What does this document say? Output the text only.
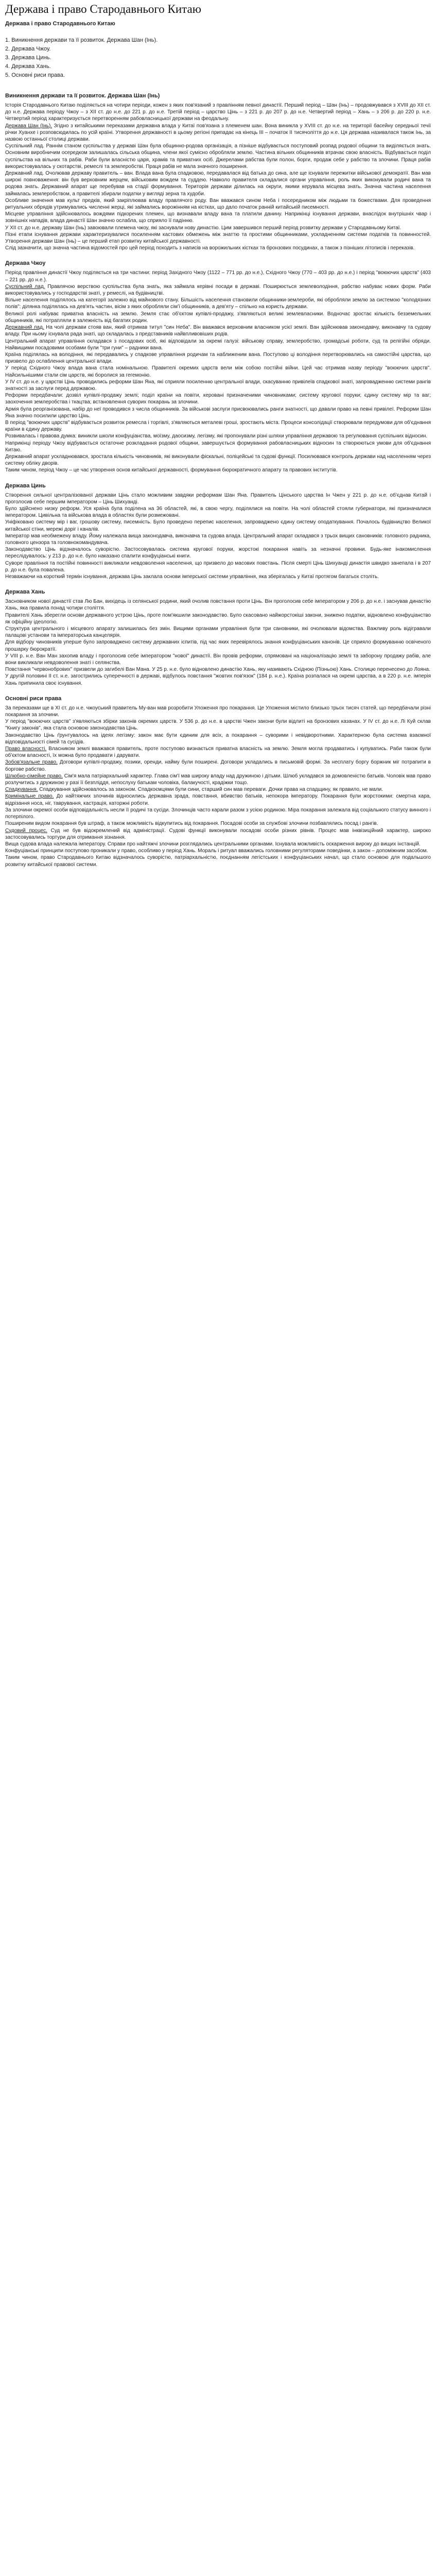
Держава і право Стародавнього Китаю
Держава і право Стародавнього Китаю
1. Виникнення держави та її розвиток. Держава Шан (Інь).
2. Держава Чжоу.
3. Держава Цинь.
4. Держава Хань.
5. Основні риси права.
Виникнення держави та її розвиток. Держава Шан (Інь)

Історія Стародавнього Китаю поділяється на чотири періоди, кожен з яких пов'язаний з правлінням певної династії. Перший період – Шан (Інь) – продовжувався з XVIII до XII ст. до н.е. Держава періоду Чжоу – з XII ст. до н.е. до 221 р. до н.е. Третій період – царство Цінь – з 221 р. до 207 р. до н.е. Четвертий період – Хань – з 206 р. до 220 р. н.е. Четвертий період характеризується перетворенням рабовласницької держави на феодальну.

Держава Шан (Інь). Згідно з китайськими переказами державна влада у Китаї пов'язана з племенем шан. Вона виникла у XVIII ст. до н.е. на території басейну середньої течії річки Хуанхе і розповсюдилась по усій країні. Утворення державності в цьому регіоні припадає на кінець III – початок II тисячоліття до н.е. Ця держава називалася також Інь, за назвою останньої столиці держави.

Суспільний лад. Раннім станом суспільства у державі Шан була общинно-родова організація, а пізніше відбувається поступовий розпад родової общини та виділяється знать. Основним виробничим осередком залишалась сільська община, члени якої сумісно обробляли землю. Частина вільних общинників втрачає свою власність. Відбувається поділ суспільства на вільних та рабів. Раби були власністю царя, храмів та приватних осіб. Джерелами рабства були полон, борги, продаж себе у рабство та злочини. Праця рабів використовувалась у скотарстві, ремеслі та землеробстві. Праця рабів не мала значного поширення.

Державний лад. Очолював державу правитель – ван. Влада вана була спадковою, передавалася від батька до сина, але ще існували пережитки військової демократії. Ван мав широкі повноваження: він був верховним жерцем, військовим вождем та суддею. Навколо правителя складалися органи управління, роль яких виконували родичі вана та родова знать. Державний апарат ще перебував на стадії формування. Територія держави ділилась на округи, якими керувала місцева знать. Значна частина населення займалась землеробством, а правителі збирали податки у вигляді зерна та худоби.

Особливе значення мав культ предків, який закріплював владу правлячого роду. Ван вважався сином Неба і посередником між людьми та божествами. Для проведення ритуальних обрядів утримувались численні жерці, які займались ворожінням на кістках, що дало початок ранній китайській писемності.

Місцеве управління здійснювалось вождями підкорених племен, що визнавали владу вана та платили данину. Наприкінці існування держави, внаслідок внутрішніх чвар і зовнішніх нападів, влада династії Шан значно ослабла, що сприяло її падінню.

У XII ст. до н.е. державу Шан (Інь) завоювали племена чжоу, які заснували нову династію. Цим завершився перший період розвитку держави у Стародавньому Китаї.

Пізні етапи існування держави характеризувалися посиленням кастових обмежень між знаттю та простими общинниками, ускладненням системи податків та повинностей. Утворення держави Шан (Інь) – це перший етап розвитку китайської державності.

Слід зазначити, що значна частина відомостей про цей період походить з написів на ворожильних кістках та бронзових посудинах, а також з пізніших літописів і переказів.

Держава Чжоу

Період правління династії Чжоу поділяється на три частини: період Західного Чжоу (1122 – 771 рр. до н.е.), Східного Чжоу (770 – 403 рр. до н.е.) і період "воюючих царств" (403 – 221 рр. до н.е.).

Суспільний лад. Правлячою верствою суспільства була знать, яка займала керівні посади в державі. Поширюється землеволодіння, рабство набуває нових форм. Раби використовувались у господарстві знаті, у ремеслі, на будівництві.

Вільне населення поділялось на категорії залежно від майнового стану. Більшість населення становили общинники-землероби, які обробляли землю за системою "колодязних полів": ділянка поділялась на дев'ять частин, вісім з яких обробляли сім'ї общинників, а дев'яту – спільно на користь держави.

Великої ролі набуває приватна власність на землю. Земля стає об'єктом купівлі-продажу, з'являються великі землевласники. Водночас зростає кількість безземельних общинників, які потрапляли в залежність від багатих родин.

Державний лад. На чолі держави стояв ван, який отримав титул "син Неба". Він вважався верховним власником усієї землі. Ван здійснював законодавчу, виконавчу та судову владу. При ньому існувала рада знаті, що складалась з представників найвпливовіших родів.

Центральний апарат управління складався з посадових осіб, які відповідали за окремі галузі: військову справу, землеробство, громадські роботи, суд та релігійні обряди. Найвищими посадовими особами були "три гуни" – радники вана.

Країна поділялась на володіння, які передавались у спадкове управління родичам та наближеним вана. Поступово ці володіння перетворювались на самостійні царства, що призвело до ослаблення центральної влади.

У період Східного Чжоу влада вана стала номінальною. Правителі окремих царств вели між собою постійні війни. Цей час отримав назву періоду "воюючих царств". Найсильнішими стали сім царств, які боролися за гегемонію.

У IV ст. до н.е. у царстві Цінь проводились реформи Шан Яна, які сприяли посиленню центральної влади, скасуванню привілеїв спадкової знаті, запровадженню системи рангів знатності за заслуги перед державою.

Реформи передбачали: дозвіл купівлі-продажу землі; поділ країни на повіти, керовані призначеними чиновниками; систему кругової поруки; єдину систему мір та ваг; заохочення землеробства і ткацтва; встановлення суворих покарань за злочини.

Армія була реорганізована, набір до неї проводився з числа общинників. За військові заслуги присвоювались ранги знатності, що давали право на певні привілеї. Реформи Шан Яна значно посилили царство Цінь.

В період "воюючих царств" відбувається розвиток ремесла і торгівлі, з'являються металеві гроші, зростають міста. Процеси консолідації створювали передумови для об'єднання країни в єдину державу.

Розвивалась і правова думка: виникли школи конфуціанства, моїзму, даосизму, легізму, які пропонували різні шляхи управління державою та регулювання суспільних відносин.

Наприкінці періоду Чжоу відбувається остаточне розкладання родової общини, завершується формування рабовласницьких відносин та створюються умови для об'єднання Китаю.

Державний апарат ускладнювався, зростала кількість чиновників, які виконували фіскальні, поліцейські та судові функції. Посилювався контроль держави над населенням через систему обліку дворів.

Таким чином, період Чжоу – це час утворення основ китайської державності, формування бюрократичного апарату та правових інститутів.

Держава Цинь

Створення сильної централізованої держави Цінь стало можливим завдяки реформам Шан Яна. Правитель Цінського царства Ін Чжен у 221 р. до н.е. об'єднав Китай і проголосив себе першим імператором – Цінь Шихуанді.

Було здійснено низку реформ. Уся країна була поділена на 36 областей, які, в свою чергу, поділялися на повіти. На чолі областей стояли губернатори, які призначалися імператором. Цивільна та військова влада в областях були розмежовані.

Уніфіковано систему мір і ваг, грошову систему, писемність. Було проведено перепис населення, запроваджено єдину систему оподаткування. Почалось будівництво Великої китайської стіни, мережі доріг і каналів.

Імператор мав необмежену владу. Йому належала вища законодавча, виконавча та судова влада. Центральний апарат складався з трьох вищих сановників: головного радника, головного цензора та головнокомандувача.

Законодавство Цінь відзначалось суворістю. Застосовувалась система кругової поруки, жорстокі покарання навіть за незначні провини. Будь-яке інакомислення переслідувалось: у 213 р. до н.е. було наказано спалити конфуціанські книги.

Суворе правління та постійні повинності викликали невдоволення населення, що призвело до масових повстань. Після смерті Цінь Шихуанді династія швидко занепала і в 207 р. до н.е. була повалена.

Незважаючи на короткий термін існування, держава Цінь заклала основи імперської системи управління, яка зберігалась у Китаї протягом багатьох століть.

Держава Хань

Засновником нової династії став Лю Бан, вихідець із селянської родини, який очолив повстання проти Цінь. Він проголосив себе імператором у 206 р. до н.е. і заснував династію Хань, яка правила понад чотири століття.

Правителі Хань зберегли основи державного устрою Цінь, проте пом'якшили законодавство. Було скасовано найжорстокіші закони, знижено податки, відновлено конфуціанство як офіційну ідеологію.

Структура центрального і місцевого апарату залишилась без змін. Вищими органами управління були три сановники, які очолювали відомства. Важливу роль відігравали палацові установи та імператорська канцелярія.

Для відбору чиновників уперше було запроваджено систему державних іспитів, під час яких перевірялось знання конфуціанських канонів. Це сприяло формуванню освіченого прошарку бюрократії.

У VIII р. н.е. Ван Ман захопив владу і проголосив себе імператором "нової" династії. Він провів реформи, спрямовані на націоналізацію землі та заборону продажу рабів, але вони викликали невдоволення знаті і селянства.

Повстання "червонобрових" призвели до загибелі Ван Мана. У 25 р. н.е. було відновлено династію Хань, яку називають Східною (Пізньою) Хань. Столицю перенесено до Лояна.

У другій половині II ст. н.е. загострились суперечності в державі, відбулось повстання "жовтих пов'язок" (184 р. н.е.). Країна розпалася на окремі царства, а в 220 р. н.е. імперія Хань припинила своє існування.

Основні риси права

За переказами ще в XI ст. до н.е. чжоуський правитель Му-ван мав розробити Уложення про покарання. Це Уложення містило близько трьох тисяч статей, що передбачали різні покарання за злочини.

У період "воюючих царств" з'являються збірки законів окремих царств. У 536 р. до н.е. в царстві Чжен закони були відлиті на бронзових казанах. У IV ст. до н.е. Лі Куй склав "Книгу законів", яка стала основою законодавства Цінь.

Законодавство Цінь ґрунтувалось на ідеях легізму: закон має бути єдиним для всіх, а покарання – суворими і невідворотними. Характерною була система взаємної відповідальності сімей та сусідів.

Право власності. Власником землі вважався правитель, проте поступово визнається приватна власність на землю. Земля могла продаватись і купуватись. Раби також були об'єктом власності, їх можна було продавати і дарувати.

Зобов'язальне право. Договори купівлі-продажу, позики, оренди, найму були поширені. Договори укладались в письмовій формі. За несплату боргу боржник міг потрапити в боргове рабство.

Шлюбно-сімейне право. Сім'я мала патріархальний характер. Глава сім'ї мав широку владу над дружиною і дітьми. Шлюб укладався за домовленістю батьків. Чоловік мав право розлучитись з дружиною у разі її безпліддя, непослуху батькам чоловіка, балакучості, крадіжки тощо.

Спадкування. Спадкування здійснювалось за законом. Спадкоємцями були сини, старший син мав переваги. Дочки права на спадщину, як правило, не мали.

Кримінальне право. До найтяжчих злочинів відносились державна зрада, повстання, вбивство батьків, непокора імператору. Покарання були жорстокими: смертна кара, відрізання носа, ніг, таврування, кастрація, каторжні роботи.

За злочини окремої особи відповідальність несли її родичі та сусіди. Злочинців часто карали разом з усією родиною. Міра покарання залежала від соціального статусу винного і потерпілого.

Поширеним видом покарання був штраф, а також можливість відкупитись від покарання. Посадові особи за службові злочини позбавлялись посад і рангів.

Судовий процес. Суд не був відокремлений від адміністрації. Судові функції виконували посадові особи різних рівнів. Процес мав інквізиційний характер, широко застосовувались тортури для отримання зізнання.

Вища судова влада належала імператору. Справи про найтяжчі злочини розглядались центральними органами. Існувала можливість оскарження вироку до вищих інстанцій.

Конфуціанські принципи поступово проникали у право, особливо у період Хань. Мораль і ритуал вважались головними регуляторами поведінки, а закон – допоміжним засобом.

Таким чином, право Стародавнього Китаю відзначалось суворістю, патріархальністю, поєднанням легістських і конфуціанських начал, що стало основою для подальшого розвитку китайської правової системи.
